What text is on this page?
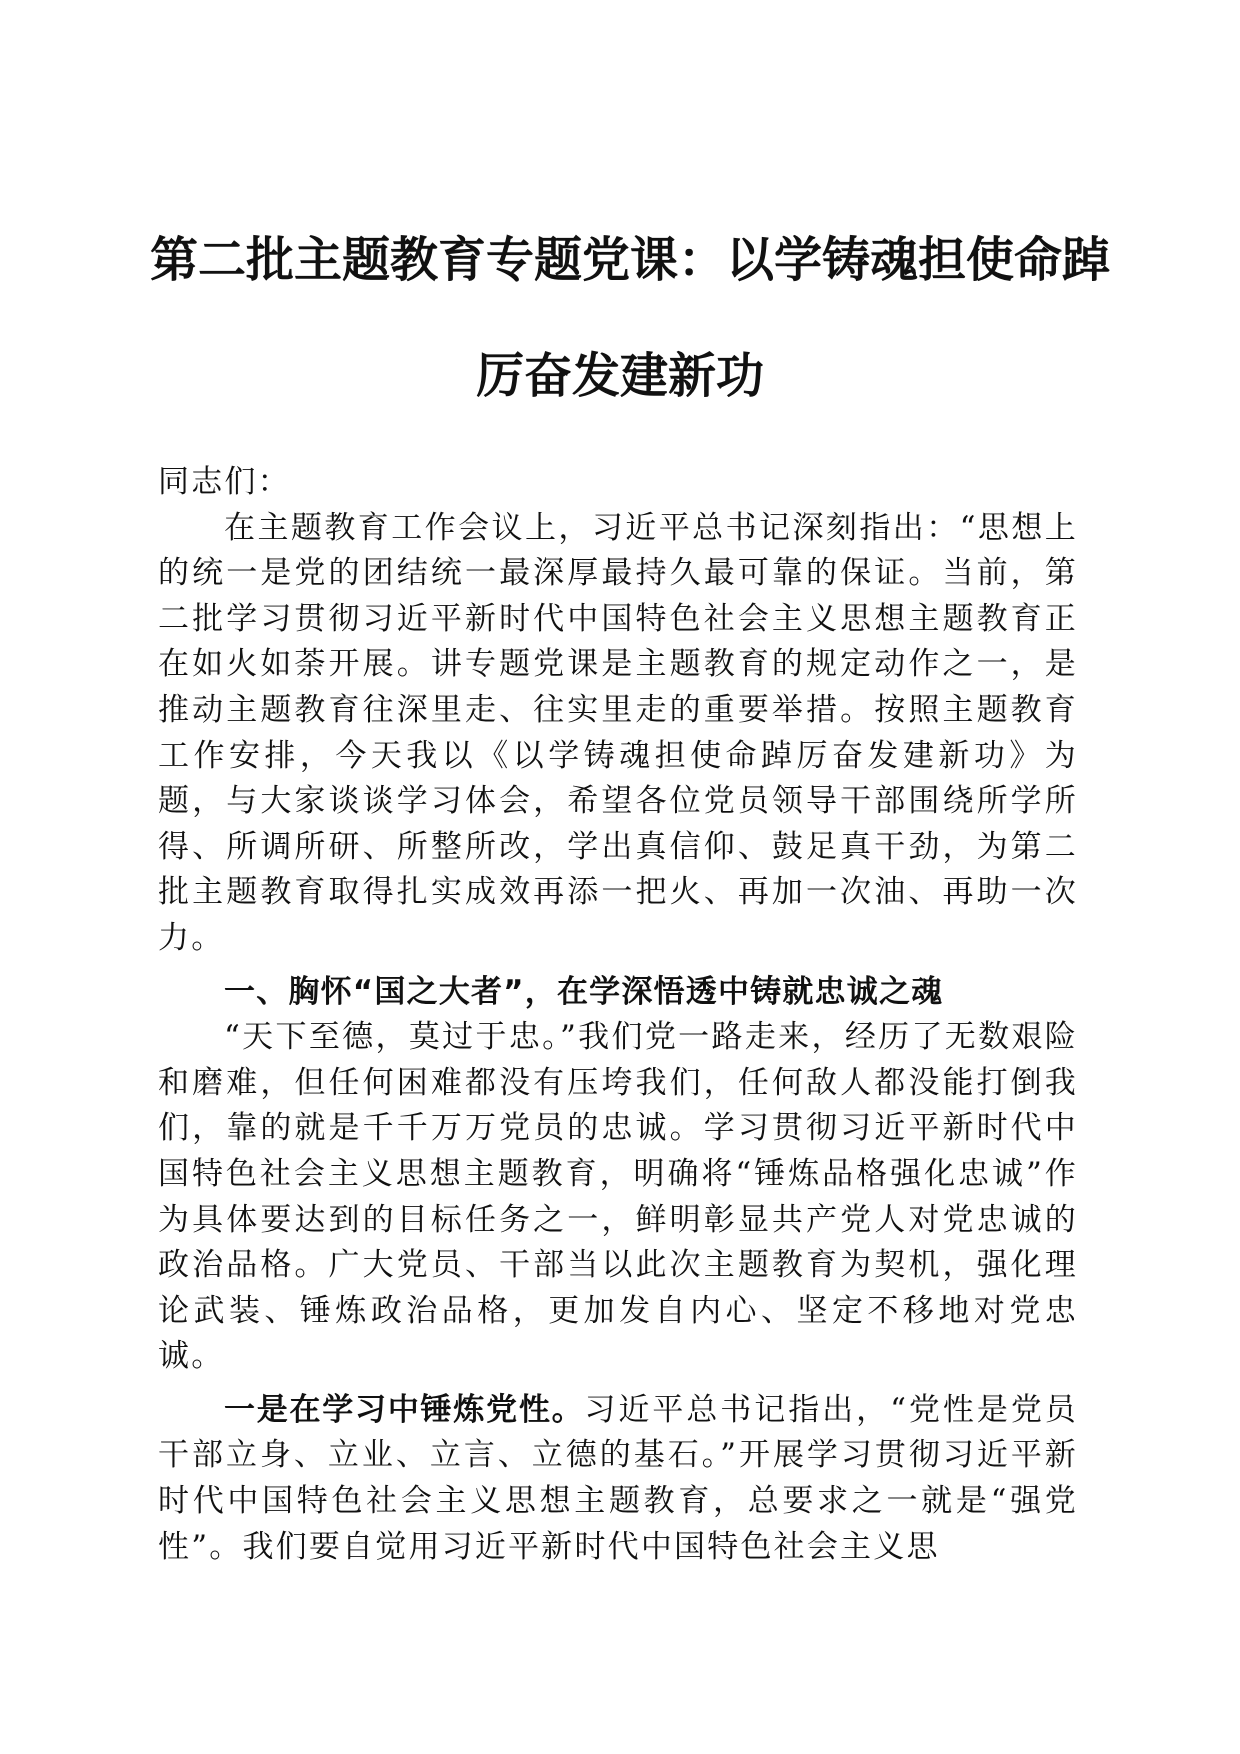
第二批主题教育专题党课：以学铸魂担使命踔
厉奋发建新功

同志们：

在主题教育工作会议上，习近平总书记深刻指出：“思想上的统一是党的团结统一最深厚最持久最可靠的保证。当前，第二批学习贯彻习近平新时代中国特色社会主义思想主题教育正在如火如荼开展。讲专题党课是主题教育的规定动作之一，是推动主题教育往深里走、往实里走的重要举措。按照主题教育工作安排，今天我以《以学铸魂担使命踔厉奋发建新功》为题，与大家谈谈学习体会，希望各位党员领导干部围绕所学所得、所调所研、所整所改，学出真信仰、鼓足真干劲，为第二批主题教育取得扎实成效再添一把火、再加一次油、再助一次力。

一、胸怀“国之大者”，在学深悟透中铸就忠诚之魂

“天下至德，莫过于忠。”我们党一路走来，经历了无数艰险和磨难，但任何困难都没有压垮我们，任何敌人都没能打倒我们，靠的就是千千万万党员的忠诚。学习贯彻习近平新时代中国特色社会主义思想主题教育，明确将“锤炼品格强化忠诚”作为具体要达到的目标任务之一，鲜明彰显共产党人对党忠诚的政治品格。广大党员、干部当以此次主题教育为契机，强化理论武装、锤炼政治品格，更加发自内心、坚定不移地对党忠诚。

一是在学习中锤炼党性。习近平总书记指出，“党性是党员干部立身、立业、立言、立德的基石。”开展学习贯彻习近平新时代中国特色社会主义思想主题教育，总要求之一就是“强党性”。我们要自觉用习近平新时代中国特色社会主义思
